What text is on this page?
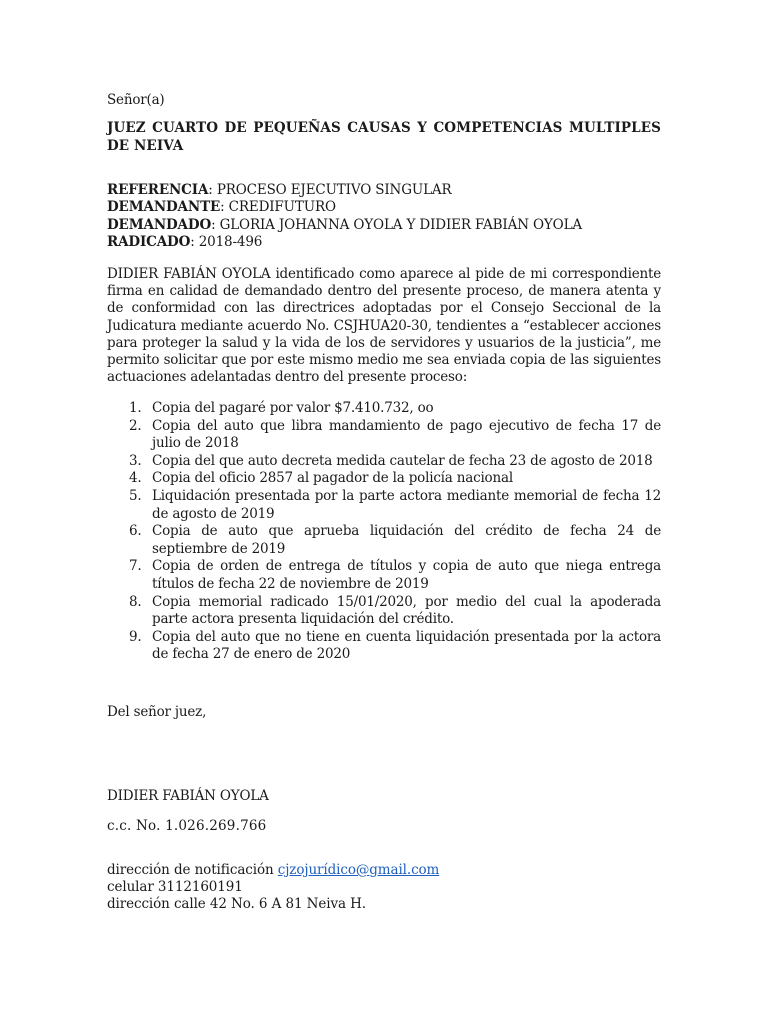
Señor(a)
JUEZ CUARTO DE PEQUEÑAS CAUSAS Y COMPETENCIAS MULTIPLES DE NEIVA
REFERENCIA: PROCESO EJECUTIVO SINGULAR
DEMANDANTE: CREDIFUTURO
DEMANDADO: GLORIA JOHANNA OYOLA Y DIDIER FABIÁN OYOLA
RADICADO: 2018-496
DIDIER FABIÁN OYOLA identificado como aparece al pide de mi correspondiente firma en calidad de demandado dentro del presente proceso, de manera atenta y de conformidad con las directrices adoptadas por el Consejo Seccional de la Judicatura mediante acuerdo No. CSJHUA20-30, tendientes a “establecer acciones para proteger la salud y la vida de los de servidores y usuarios de la justicia”, me permito solicitar que por este mismo medio me sea enviada copia de las siguientes actuaciones adelantadas dentro del presente proceso:
1. Copia del pagaré por valor $7.410.732, oo
2. Copia del auto que libra mandamiento de pago ejecutivo de fecha 17 de julio de 2018
3. Copia del que auto decreta medida cautelar de fecha 23 de agosto de 2018
4. Copia del oficio 2857 al pagador de la policía nacional
5. Liquidación presentada por la parte actora mediante memorial de fecha 12 de agosto de 2019
6. Copia de auto que aprueba liquidación del crédito de fecha 24 de septiembre de 2019
7. Copia de orden de entrega de títulos y copia de auto que niega entrega títulos de fecha 22 de noviembre de 2019
8. Copia memorial radicado 15/01/2020, por medio del cual la apoderada parte actora presenta liquidación del crédito.
9. Copia del auto que no tiene en cuenta liquidación presentada por la actora de fecha 27 de enero de 2020
Del señor juez,
DIDIER FABIÁN OYOLA
c.c. No. 1.026.269.766
dirección de notificación cjzojurídico@gmail.com
celular 3112160191
dirección calle 42 No. 6 A 81 Neiva H.
